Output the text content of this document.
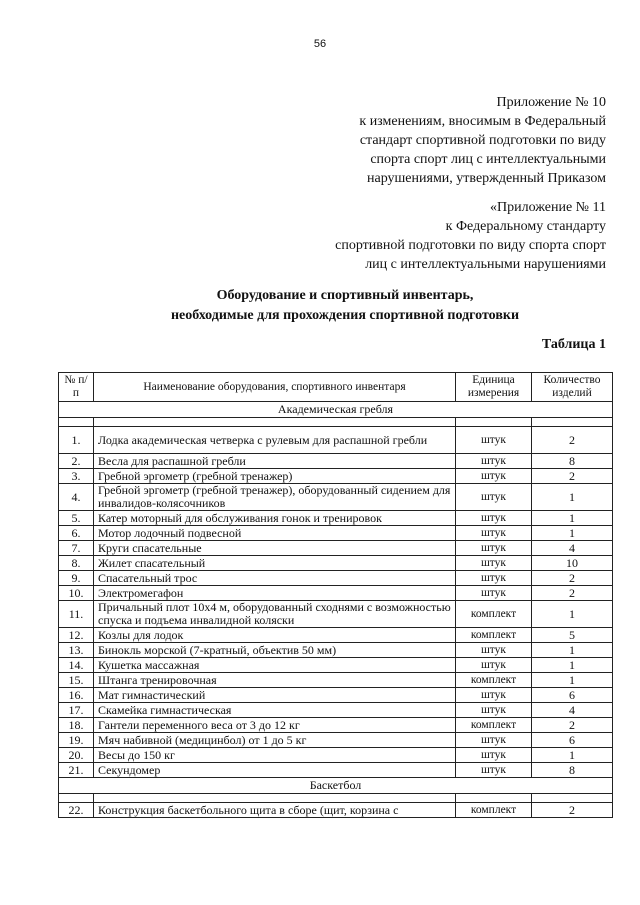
56
Приложение № 10
к изменениям, вносимым в Федеральный
стандарт спортивной подготовки по виду
спорта спорт лиц с интеллектуальными
нарушениями, утвержденный Приказом
«Приложение № 11
к Федеральному стандарту
спортивной подготовки по виду спорта спорт
лиц с интеллектуальными нарушениями
Оборудование и спортивный инвентарь,
необходимые для прохождения спортивной подготовки
Таблица 1
№ п/п	Наименование оборудования, спортивного инвентаря	Единица измерения	Количество изделий
Академическая гребля			

1.	Лодка академическая четверка с рулевым для распашной гребли	штук	2
2.	Весла для распашной гребли	штук	8
3.	Гребной эргометр (гребной тренажер)	штук	2
4.	Гребной эргометр (гребной тренажер), оборудованный сидением для инвалидов-колясочников	штук	1
5.	Катер моторный для обслуживания гонок и тренировок	штук	1
6.	Мотор лодочный подвесной	штук	1
7.	Круги спасательные	штук	4
8.	Жилет спасательный	штук	10
9.	Спасательный трос	штук	2
10.	Электромегафон	штук	2
11.	Причальный плот 10х4 м, оборудованный сходнями с возможностью спуска и подъема инвалидной коляски	комплект	1
12.	Козлы для лодок	комплект	5
13.	Бинокль морской (7-кратный, объектив 50 мм)	штук	1
14.	Кушетка массажная	штук	1
15.	Штанга тренировочная	комплект	1
16.	Мат гимнастический	штук	6
17.	Скамейка гимнастическая	штук	4
18.	Гантели переменного веса от 3 до 12 кг	комплект	2
19.	Мяч набивной (медицинбол) от 1 до 5 кг	штук	6
20.	Весы до 150 кг	штук	1
21.	Секундомер	штук	8
Баскетбол			

22.	Конструкция баскетбольного щита в сборе (щит, корзина с	комплект	2
